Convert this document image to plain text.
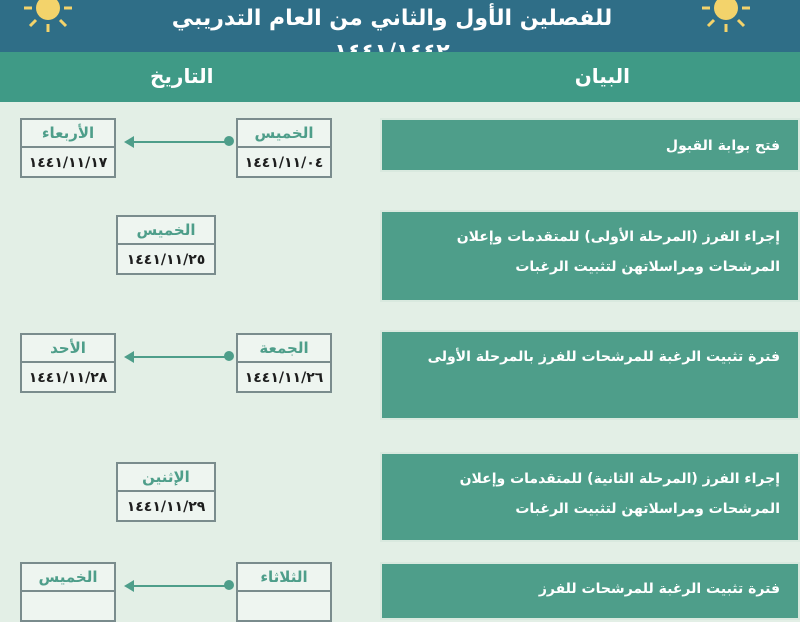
للفصلين الأول والثاني من العام التدريبي
التاريخ	البيان
فتح بوابة القبول
الخميس
١٤٤١/١١/٠٤
الأربعاء
١٤٤١/١١/١٧
إجراء الفرز (المرحلة الأولى) للمتقدمات وإعلان المرشحات ومراسلاتهن لتثبيت الرغبات
الخميس
١٤٤١/١١/٢٥
فترة تثبيت الرغبة للمرشحات للفرز بالمرحلة الأولى
الجمعة
١٤٤١/١١/٢٦
الأحد
١٤٤١/١١/٢٨
إجراء الفرز (المرحلة الثانية) للمتقدمات وإعلان المرشحات ومراسلاتهن لتثبيت الرغبات
الإثنين
١٤٤١/١١/٢٩
فترة تثبيت الرغبة للمرشحات للفرز
الثلاثاء
الخميس
